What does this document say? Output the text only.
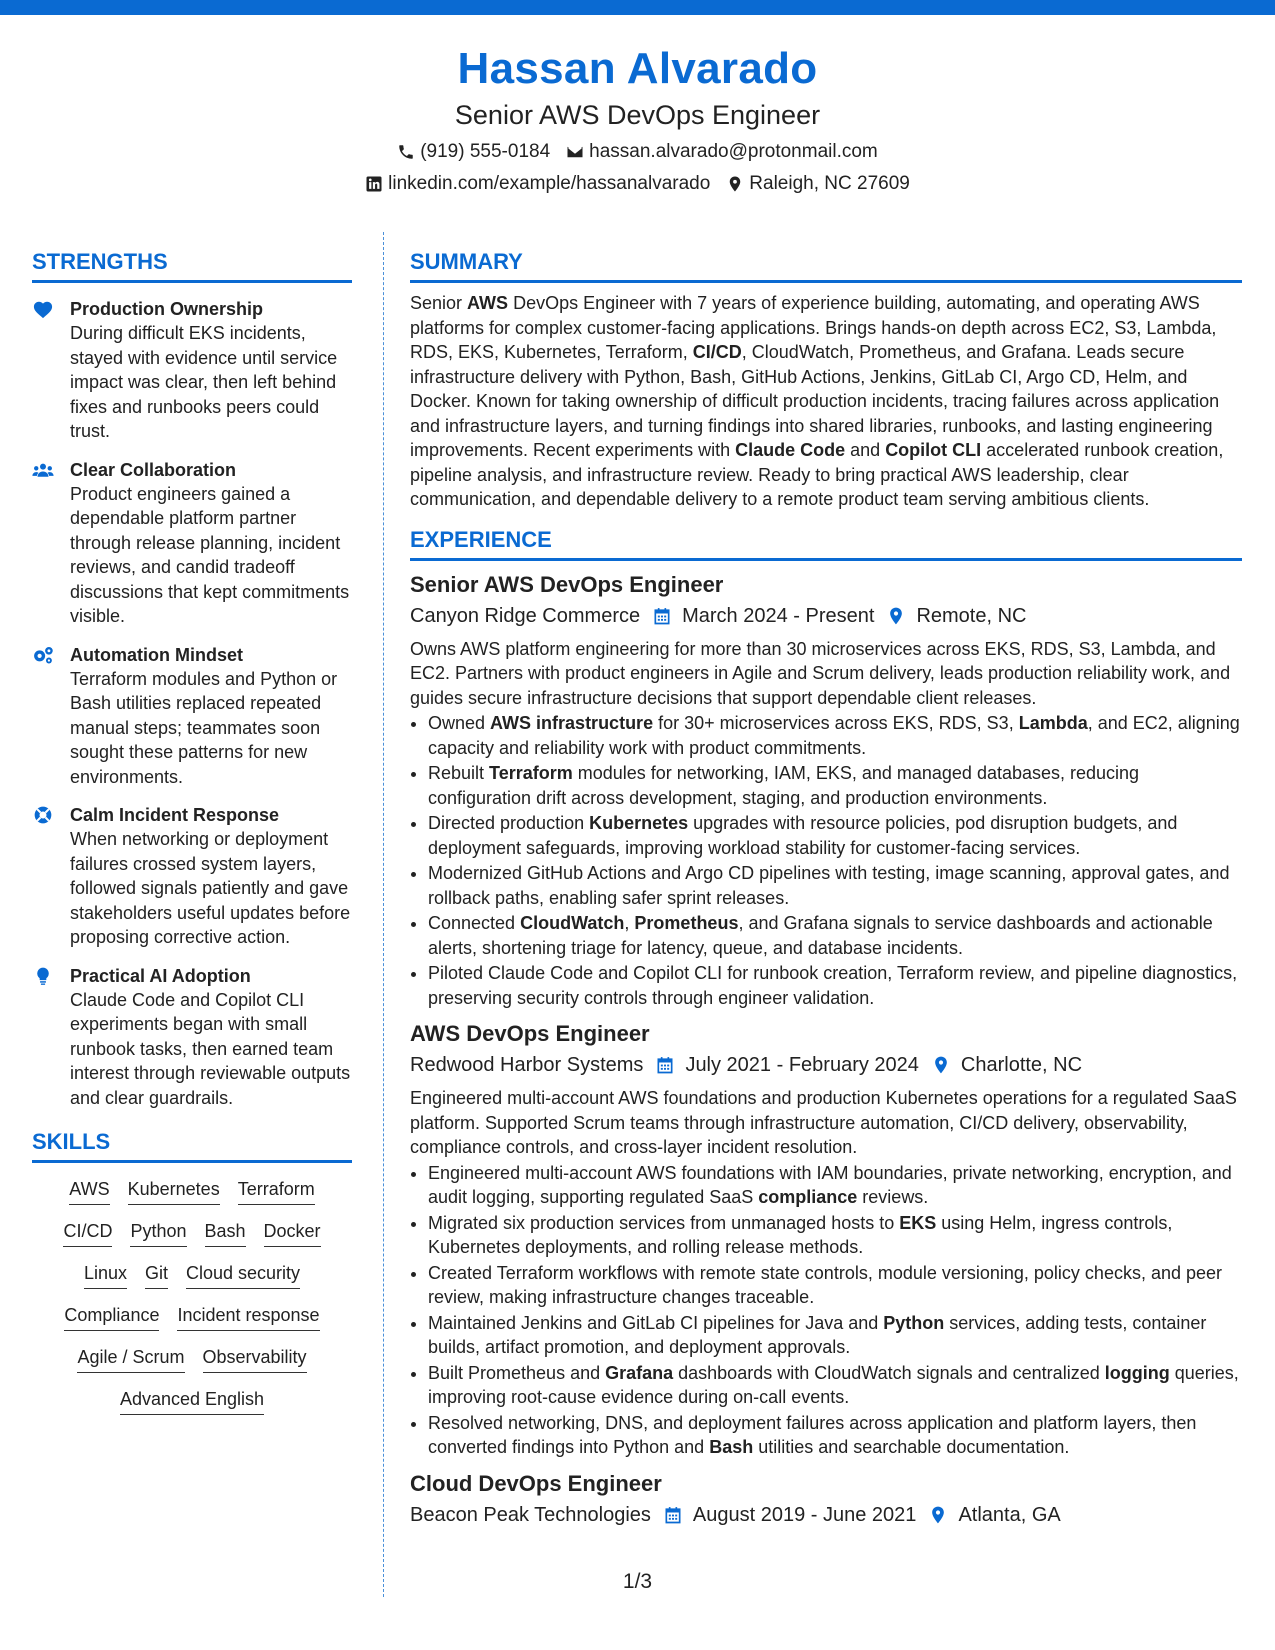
Hassan Alvarado
Senior AWS DevOps Engineer
(919) 555-0184 hassan.alvarado@protonmail.com
linkedin.com/example/hassanalvarado Raleigh, NC 27609
STRENGTHS
Production Ownership
During difficult EKS incidents, stayed with evidence until service impact was clear, then left behind fixes and runbooks peers could trust.
Clear Collaboration
Product engineers gained a dependable platform partner through release planning, incident reviews, and candid tradeoff discussions that kept commitments visible.
Automation Mindset
Terraform modules and Python or Bash utilities replaced repeated manual steps; teammates soon sought these patterns for new environments.
Calm Incident Response
When networking or deployment failures crossed system layers, followed signals patiently and gave stakeholders useful updates before proposing corrective action.
Practical AI Adoption
Claude Code and Copilot CLI experiments began with small runbook tasks, then earned team interest through reviewable outputs and clear guardrails.
SKILLS
AWS Kubernetes Terraform
CI/CD Python Bash Docker
Linux Git Cloud security
Compliance Incident response
Agile / Scrum Observability
Advanced English
SUMMARY
Senior AWS DevOps Engineer with 7 years of experience building, automating, and operating AWS platforms for complex customer-facing applications. Brings hands-on depth across EC2, S3, Lambda, RDS, EKS, Kubernetes, Terraform, CI/CD, CloudWatch, Prometheus, and Grafana. Leads secure infrastructure delivery with Python, Bash, GitHub Actions, Jenkins, GitLab CI, Argo CD, Helm, and Docker. Known for taking ownership of difficult production incidents, tracing failures across application and infrastructure layers, and turning findings into shared libraries, runbooks, and lasting engineering improvements. Recent experiments with Claude Code and Copilot CLI accelerated runbook creation, pipeline analysis, and infrastructure review. Ready to bring practical AWS leadership, clear communication, and dependable delivery to a remote product team serving ambitious clients.
EXPERIENCE
Senior AWS DevOps Engineer
Canyon Ridge Commerce March 2024 - Present Remote, NC
Owns AWS platform engineering for more than 30 microservices across EKS, RDS, S3, Lambda, and EC2. Partners with product engineers in Agile and Scrum delivery, leads production reliability work, and guides secure infrastructure decisions that support dependable client releases.
• Owned AWS infrastructure for 30+ microservices across EKS, RDS, S3, Lambda, and EC2, aligning capacity and reliability work with product commitments.
• Rebuilt Terraform modules for networking, IAM, EKS, and managed databases, reducing configuration drift across development, staging, and production environments.
• Directed production Kubernetes upgrades with resource policies, pod disruption budgets, and deployment safeguards, improving workload stability for customer-facing services.
• Modernized GitHub Actions and Argo CD pipelines with testing, image scanning, approval gates, and rollback paths, enabling safer sprint releases.
• Connected CloudWatch, Prometheus, and Grafana signals to service dashboards and actionable alerts, shortening triage for latency, queue, and database incidents.
• Piloted Claude Code and Copilot CLI for runbook creation, Terraform review, and pipeline diagnostics, preserving security controls through engineer validation.
AWS DevOps Engineer
Redwood Harbor Systems July 2021 - February 2024 Charlotte, NC
Engineered multi-account AWS foundations and production Kubernetes operations for a regulated SaaS platform. Supported Scrum teams through infrastructure automation, CI/CD delivery, observability, compliance controls, and cross-layer incident resolution.
• Engineered multi-account AWS foundations with IAM boundaries, private networking, encryption, and audit logging, supporting regulated SaaS compliance reviews.
• Migrated six production services from unmanaged hosts to EKS using Helm, ingress controls, Kubernetes deployments, and rolling release methods.
• Created Terraform workflows with remote state controls, module versioning, policy checks, and peer review, making infrastructure changes traceable.
• Maintained Jenkins and GitLab CI pipelines for Java and Python services, adding tests, container builds, artifact promotion, and deployment approvals.
• Built Prometheus and Grafana dashboards with CloudWatch signals and centralized logging queries, improving root-cause evidence during on-call events.
• Resolved networking, DNS, and deployment failures across application and platform layers, then converted findings into Python and Bash utilities and searchable documentation.
Cloud DevOps Engineer
Beacon Peak Technologies August 2019 - June 2021 Atlanta, GA
1/3
